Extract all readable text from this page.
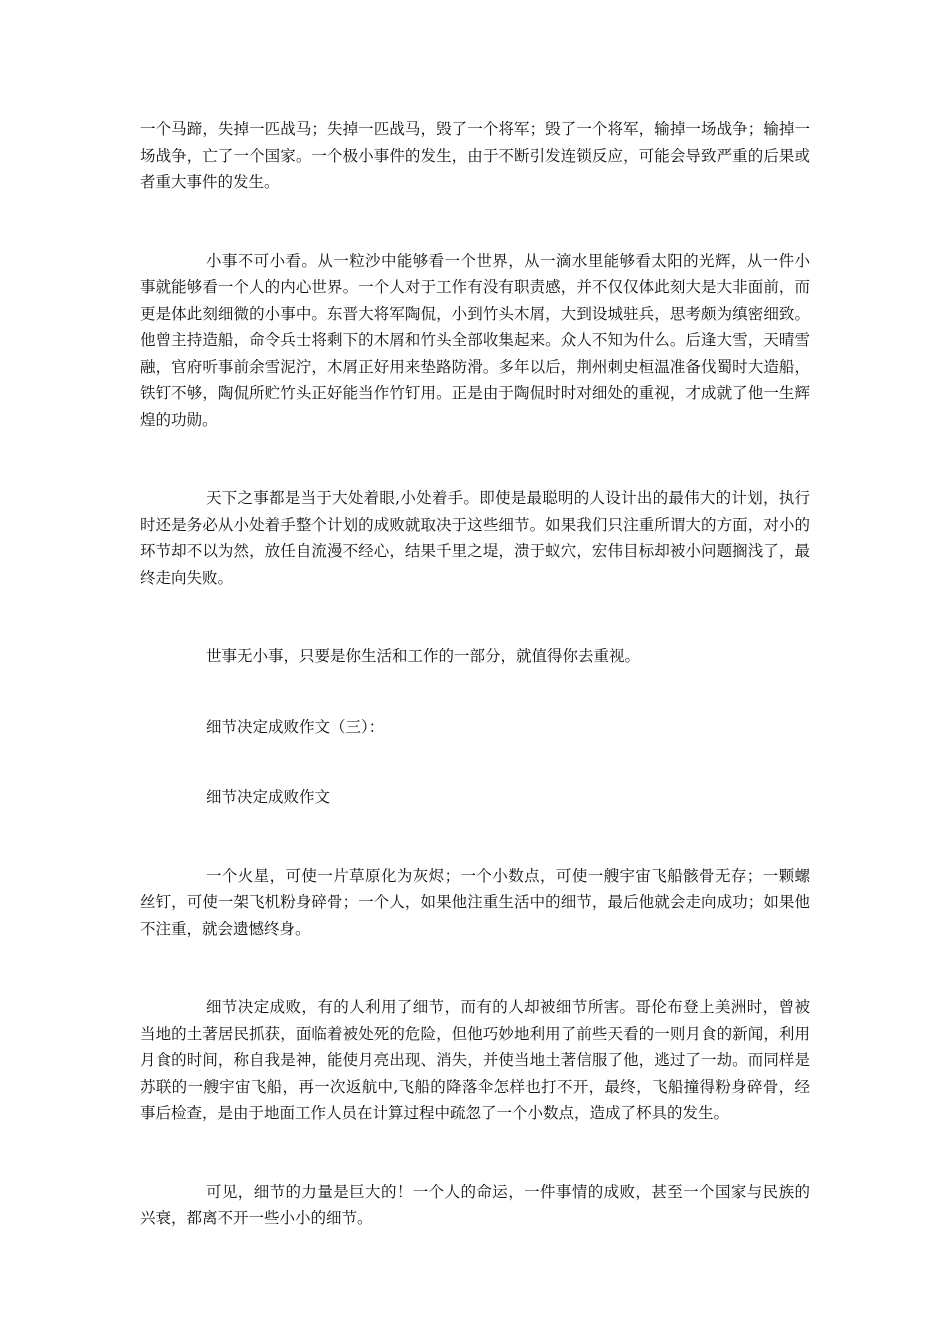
一个马蹄，失掉一匹战马；失掉一匹战马，毁了一个将军；毁了一个将军，输掉一场战争；输掉一场战争，亡了一个国家。一个极小事件的发生，由于不断引发连锁反应，可能会导致严重的后果或者重大事件的发生。

小事不可小看。从一粒沙中能够看一个世界，从一滴水里能够看太阳的光辉，从一件小事就能够看一个人的内心世界。一个人对于工作有没有职责感，并不仅仅体此刻大是大非面前，而更是体此刻细微的小事中。东晋大将军陶侃，小到竹头木屑，大到设城驻兵，思考颇为缜密细致。他曾主持造船，命令兵士将剩下的木屑和竹头全部收集起来。众人不知为什么。后逢大雪，天晴雪融，官府听事前余雪泥泞，木屑正好用来垫路防滑。多年以后，荆州刺史桓温准备伐蜀时大造船，铁钉不够，陶侃所贮竹头正好能当作竹钉用。正是由于陶侃时时对细处的重视，才成就了他一生辉煌的功勋。

天下之事都是当于大处着眼,小处着手。即使是最聪明的人设计出的最伟大的计划，执行时还是务必从小处着手整个计划的成败就取决于这些细节。如果我们只注重所谓大的方面，对小的环节却不以为然，放任自流漫不经心，结果千里之堤，溃于蚁穴，宏伟目标却被小问题搁浅了，最终走向失败。

世事无小事，只要是你生活和工作的一部分，就值得你去重视。

细节决定成败作文（三）：

细节决定成败作文

一个火星，可使一片草原化为灰烬；一个小数点，可使一艘宇宙飞船骸骨无存；一颗螺丝钉，可使一架飞机粉身碎骨；一个人，如果他注重生活中的细节，最后他就会走向成功；如果他不注重，就会遗憾终身。

细节决定成败，有的人利用了细节，而有的人却被细节所害。哥伦布登上美洲时，曾被当地的土著居民抓获，面临着被处死的危险，但他巧妙地利用了前些天看的一则月食的新闻，利用月食的时间，称自我是神，能使月亮出现、消失，并使当地土著信服了他，逃过了一劫。而同样是苏联的一艘宇宙飞船，再一次返航中,飞船的降落伞怎样也打不开，最终，飞船撞得粉身碎骨，经事后检查，是由于地面工作人员在计算过程中疏忽了一个小数点，造成了杯具的发生。

可见，细节的力量是巨大的！一个人的命运，一件事情的成败，甚至一个国家与民族的兴衰，都离不开一些小小的细节。
